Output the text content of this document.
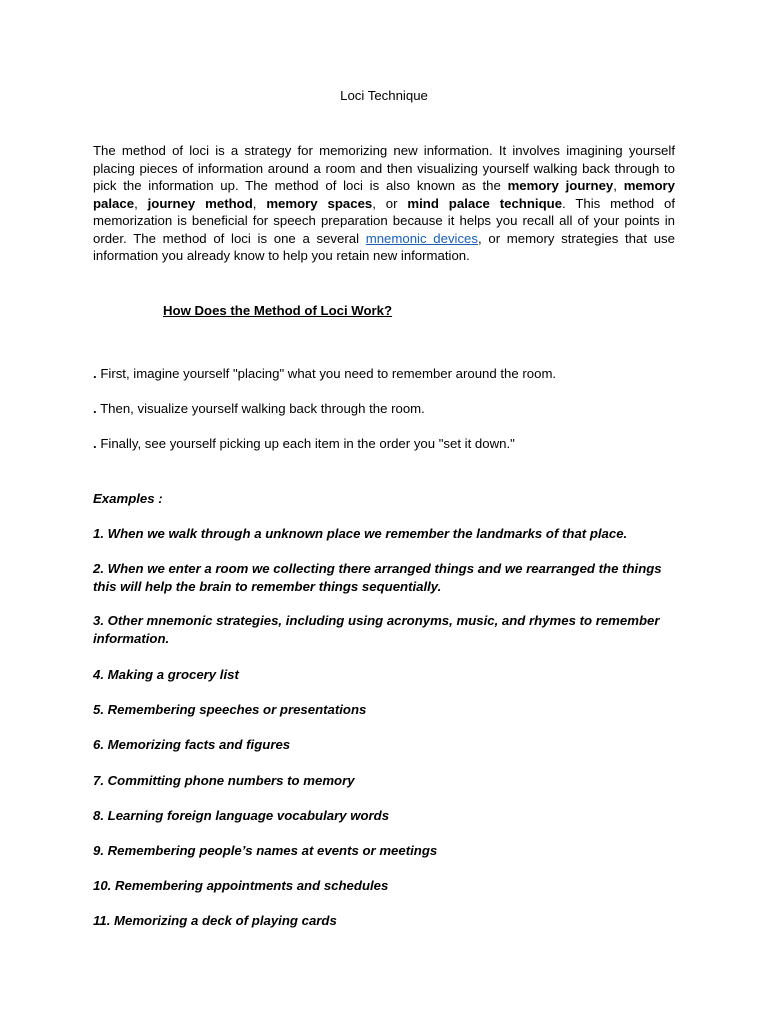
Loci Technique

The method of loci is a strategy for memorizing new information. It involves imagining yourself placing pieces of information around a room and then visualizing yourself walking back through to pick the information up. The method of loci is also known as the memory journey, memory palace, journey method, memory spaces, or mind palace technique. This method of memorization is beneficial for speech preparation because it helps you recall all of your points in order. The method of loci is one a several mnemonic devices, or memory strategies that use information you already know to help you retain new information.

How Does the Method of Loci Work?

. First, imagine yourself "placing" what you need to remember around the room.

. Then, visualize yourself walking back through the room.

. Finally, see yourself picking up each item in the order you "set it down."

Examples :

1. When we walk through a unknown place we remember the landmarks of that place.

2. When we enter a room we collecting there arranged things and we rearranged the things this will help the brain to remember things sequentially.

3. Other mnemonic strategies, including using acronyms, music, and rhymes to remember information.

4. Making a grocery list

5. Remembering speeches or presentations

6. Memorizing facts and figures

7. Committing phone numbers to memory

8. Learning foreign language vocabulary words

9. Remembering people’s names at events or meetings

10. Remembering appointments and schedules

11. Memorizing a deck of playing cards
